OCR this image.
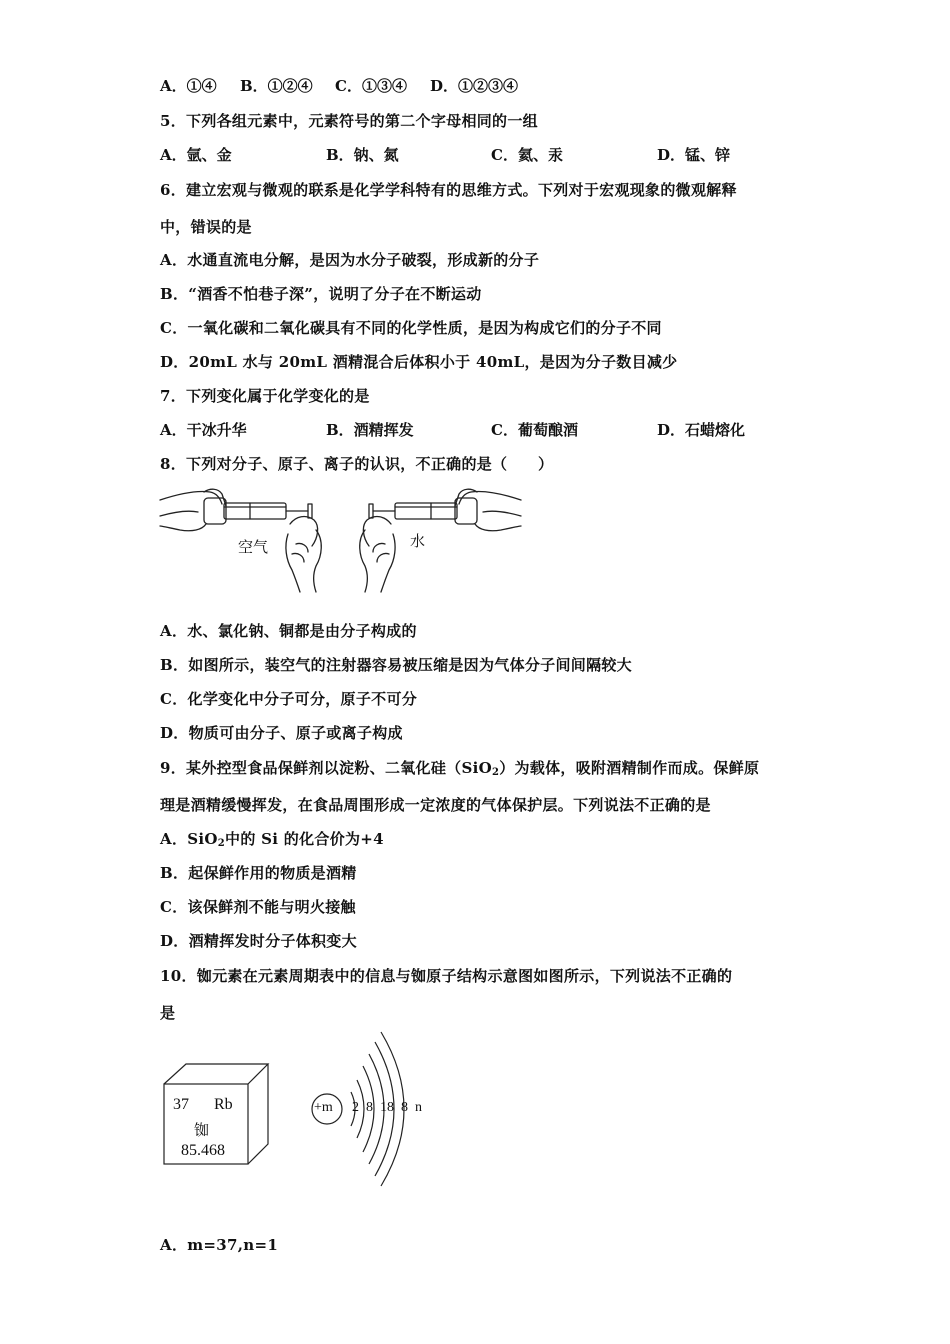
A．①④ B．①②④ C．①③④ D．①②③④
5．下列各组元素中，元素符号的第二个字母相同的一组
A．氩、金	B．钠、氮	C．氦、汞	D．锰、锌
6．建立宏观与微观的联系是化学学科特有的思维方式。下列对于宏观现象的微观解释
中，错误的是
A．水通直流电分解，是因为水分子破裂，形成新的分子
B．“酒香不怕巷子深”，说明了分子在不断运动
C．一氧化碳和二氧化碳具有不同的化学性质，是因为构成它们的分子不同
D．20mL 水与 20mL 酒精混合后体积小于 40mL，是因为分子数目减少
7．下列变化属于化学变化的是
A．干冰升华	B．酒精挥发	C．葡萄酿酒	D．石蜡熔化
8．下列对分子、原子、离子的认识，不正确的是（　　）
空气	水
A．水、氯化钠、铜都是由分子构成的
B．如图所示，装空气的注射器容易被压缩是因为气体分子间间隔较大
C．化学变化中分子可分，原子不可分
D．物质可由分子、原子或离子构成
9．某外控型食品保鲜剂以淀粉、二氧化硅（SiO$_2$）为载体，吸附酒精制作而成。保鲜原
理是酒精缓慢挥发，在食品周围形成一定浓度的气体保护层。下列说法不正确的是
A．SiO$_2$中的 Si 的化合价为+4
B．起保鲜作用的物质是酒精
C．该保鲜剂不能与明火接触
D．酒精挥发时分子体积变大
10．铷元素在元素周期表中的信息与铷原子结构示意图如图所示，下列说法不正确的
是
37 Rb
铷
85.468
+m 2 8 18 8 n
A．m=37,n=1
